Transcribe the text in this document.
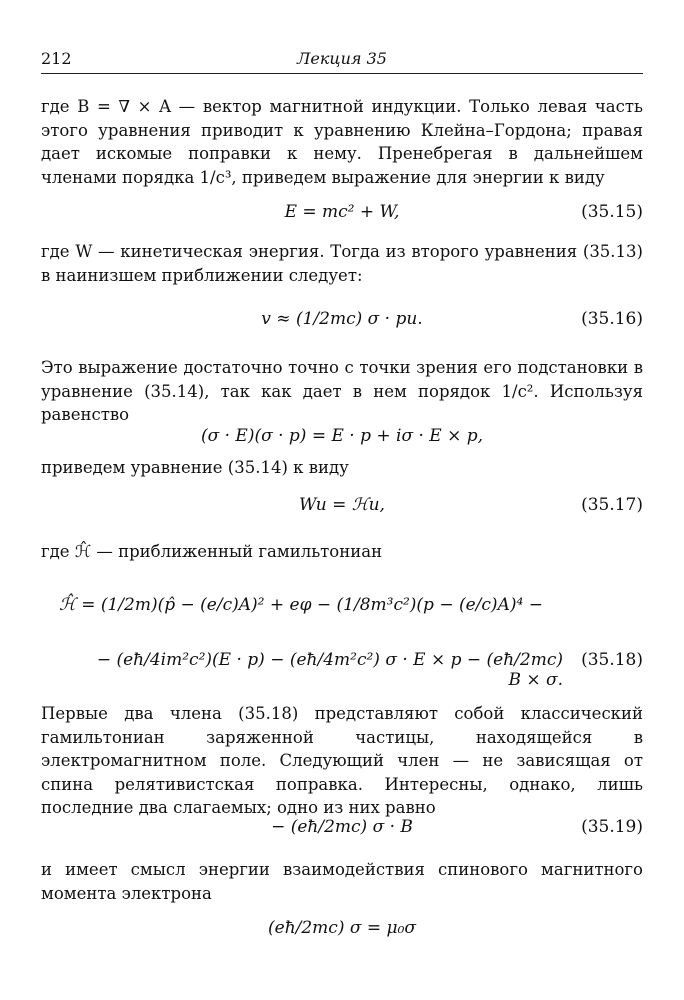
212	Лекция 35

где B = ∇ × A — вектор магнитной индукции. Только левая часть этого уравнения приводит к уравнению Клейна–Гордона; правая дает искомые поправки к нему. Пренебрегая в дальнейшем членами порядка 1/c³, приведем выражение для энергии к виду

E = mc² + W,	(35.15)

где W — кинетическая энергия. Тогда из второго уравнения (35.13) в наинизшем приближении следует:

v ≈ (1/2mc) σ · pu.	(35.16)

Это выражение достаточно точно с точки зрения его подстановки в уравнение (35.14), так как дает в нем порядок 1/c². Используя равенство

(σ · E)(σ · p) = E · p + iσ · E × p,

приведем уравнение (35.14) к виду

Wu = ℋu,	(35.17)

где ℋ̂ — приближенный гамильтониан

ℋ̂ = (1/2m)(p̂ − (e/c)A)² + eφ − (1/8m³c²)(p − (e/c)A)⁴ −
− (eħ/4im²c²)(E · p) − (eħ/4m²c²) σ · E × p − (eħ/2mc) B × σ.
(35.18)

Первые два члена (35.18) представляют собой классический гамильтониан заряженной частицы, находящейся в электромагнитном поле. Следующий член — не зависящая от спина релятивистская поправка. Интересны, однако, лишь последние два слагаемых; одно из них равно

− (eħ/2mc) σ · B	(35.19)

и имеет смысл энергии взаимодействия спинового магнитного момента электрона

(eħ/2mc) σ = μ₀σ
